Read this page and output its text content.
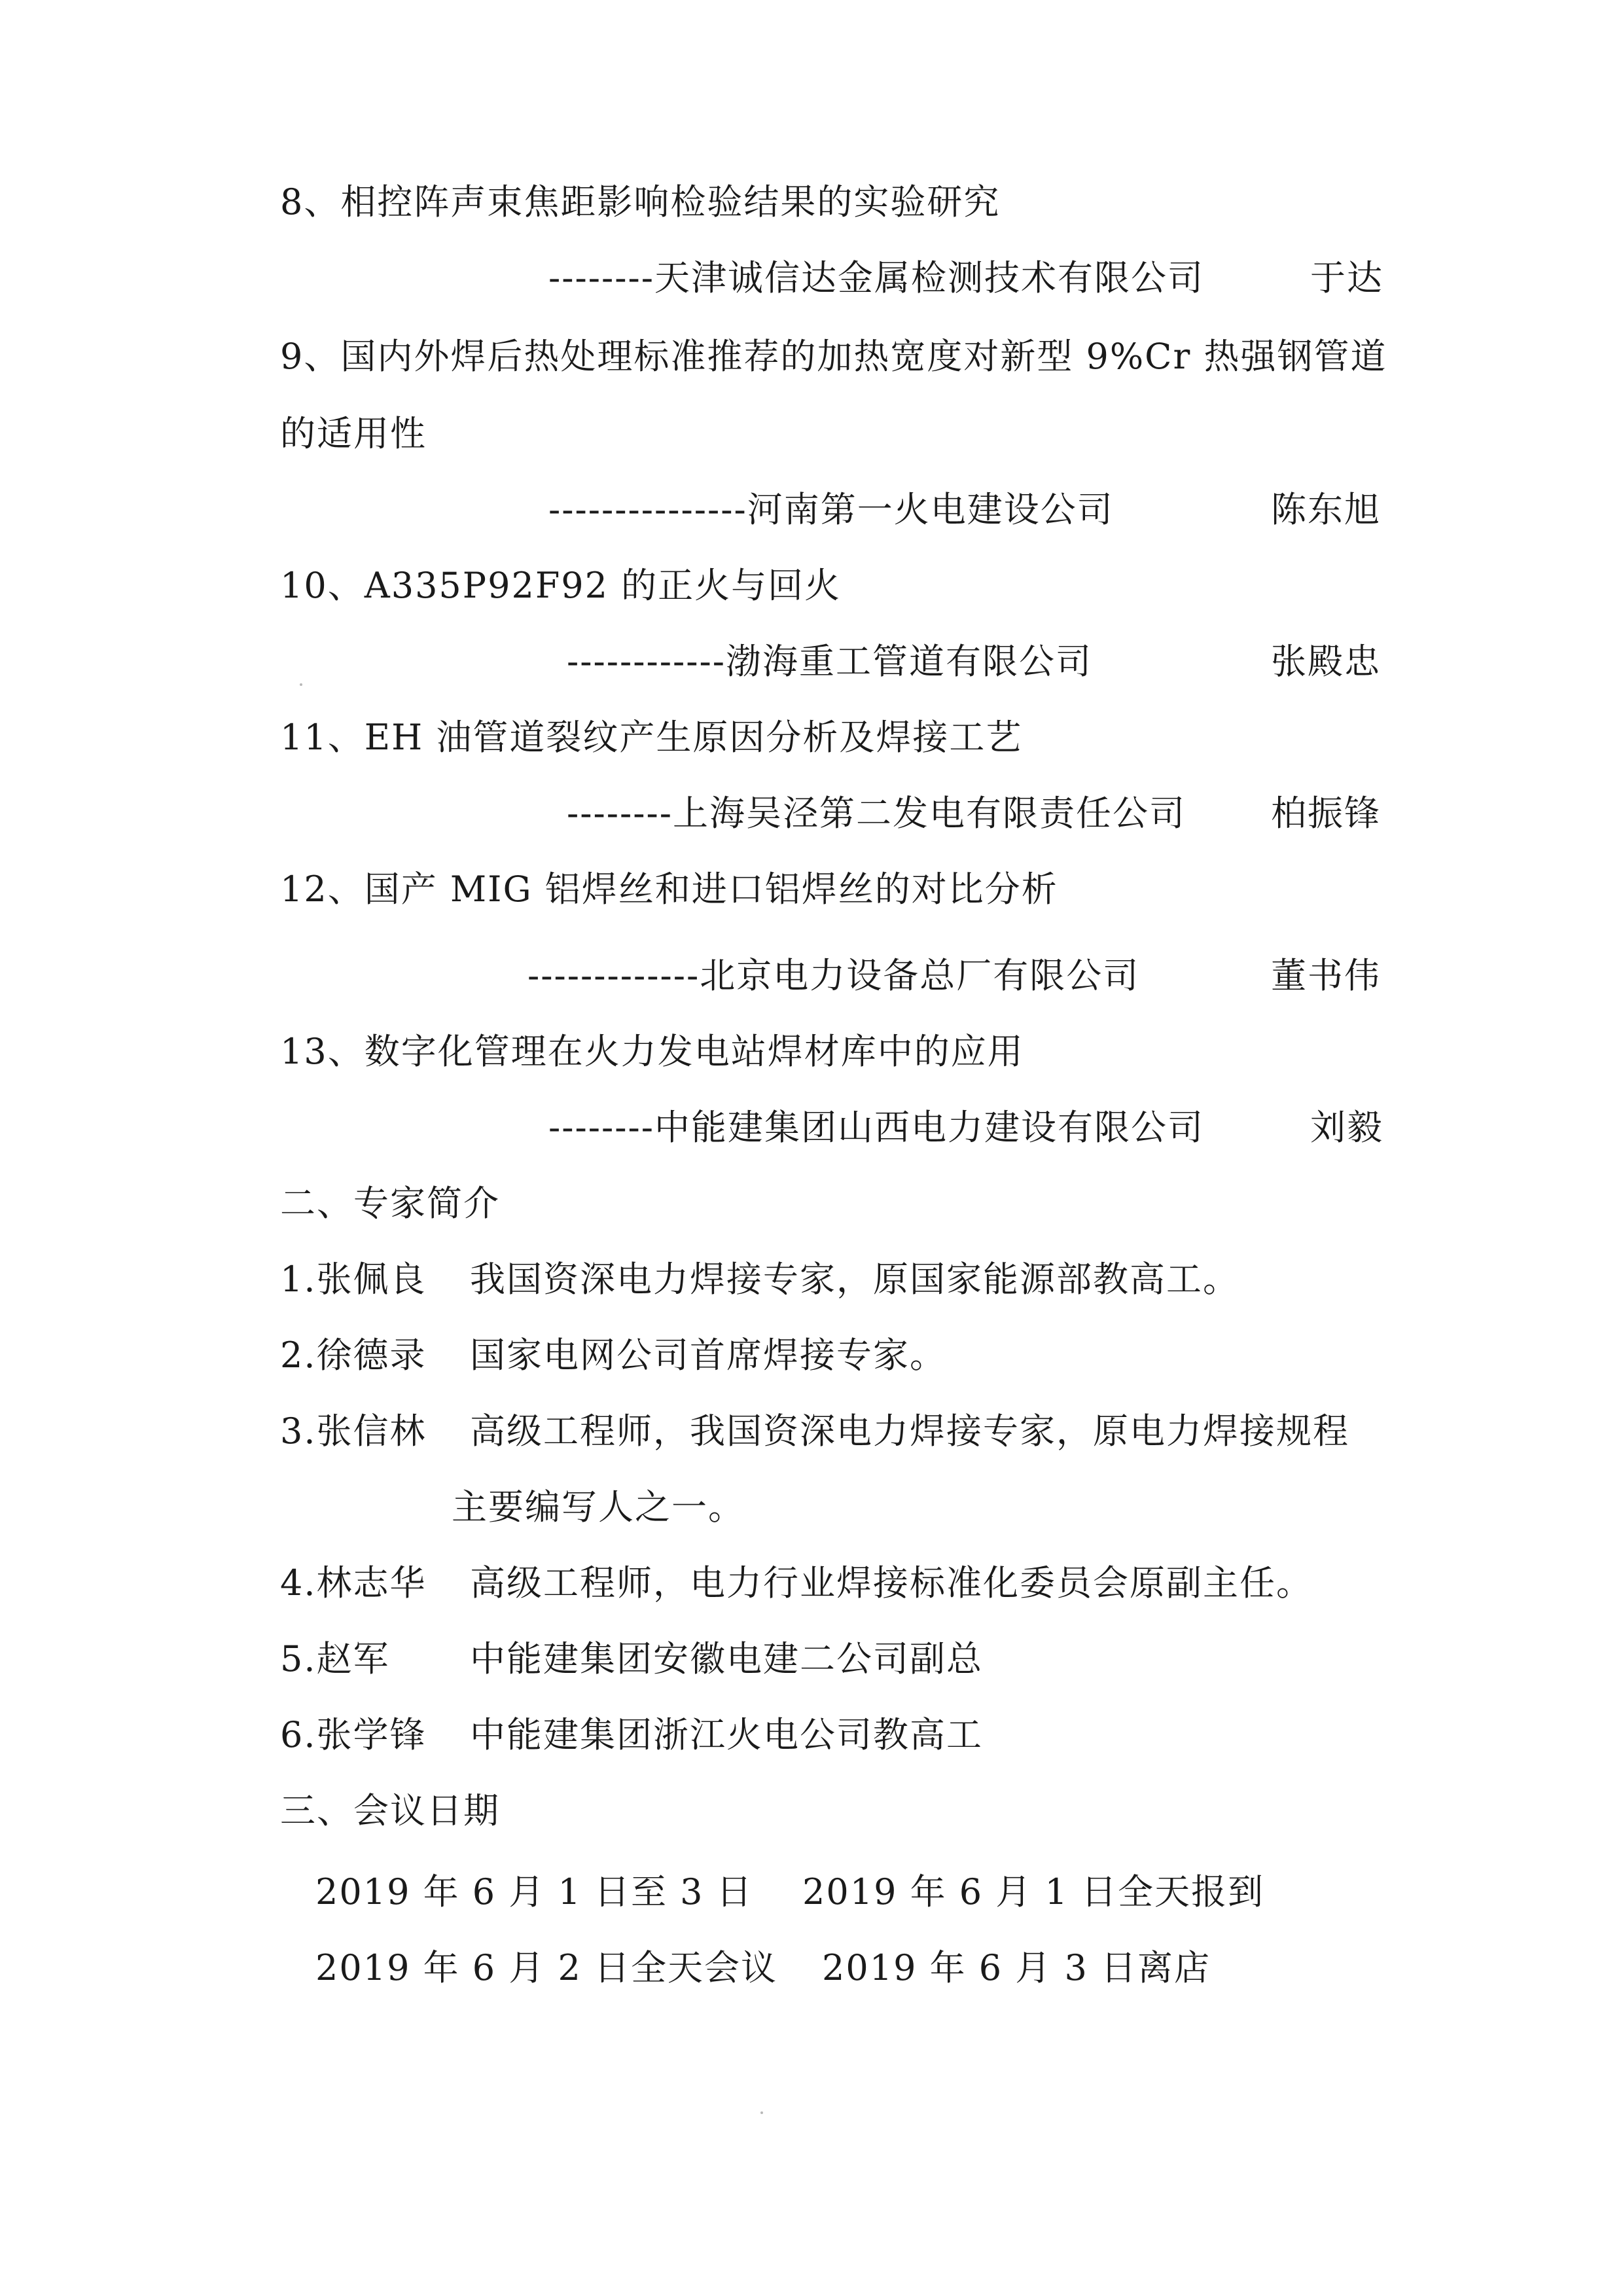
8、相控阵声束焦距影响检验结果的实验研究
--------天津诚信达金属检测技术有限公司	于达
9、国内外焊后热处理标准推荐的加热宽度对新型 9%Cr 热强钢管道
的适用性
---------------河南第一火电建设公司	陈东旭
10、A335P92F92 的正火与回火
------------渤海重工管道有限公司	张殿忠
11、EH 油管道裂纹产生原因分析及焊接工艺
--------上海吴泾第二发电有限责任公司 柏振锋
12、国产 MIG 铝焊丝和进口铝焊丝的对比分析
-------------北京电力设备总厂有限公司	董书伟
13、数字化管理在火力发电站焊材库中的应用
--------中能建集团山西电力建设有限公司	刘毅
二、专家简介
1.张佩良 我国资深电力焊接专家，原国家能源部教高工。
2.徐德录 国家电网公司首席焊接专家。
3.张信林 高级工程师，我国资深电力焊接专家，原电力焊接规程
主要编写人之一。
4.林志华 高级工程师，电力行业焊接标准化委员会原副主任。
5.赵军 中能建集团安徽电建二公司副总
6.张学锋 中能建集团浙江火电公司教高工
三、会议日期
2019 年 6 月 1 日至 3 日 2019 年 6 月 1 日全天报到
2019 年 6 月 2 日全天会议 2019 年 6 月 3 日离店
